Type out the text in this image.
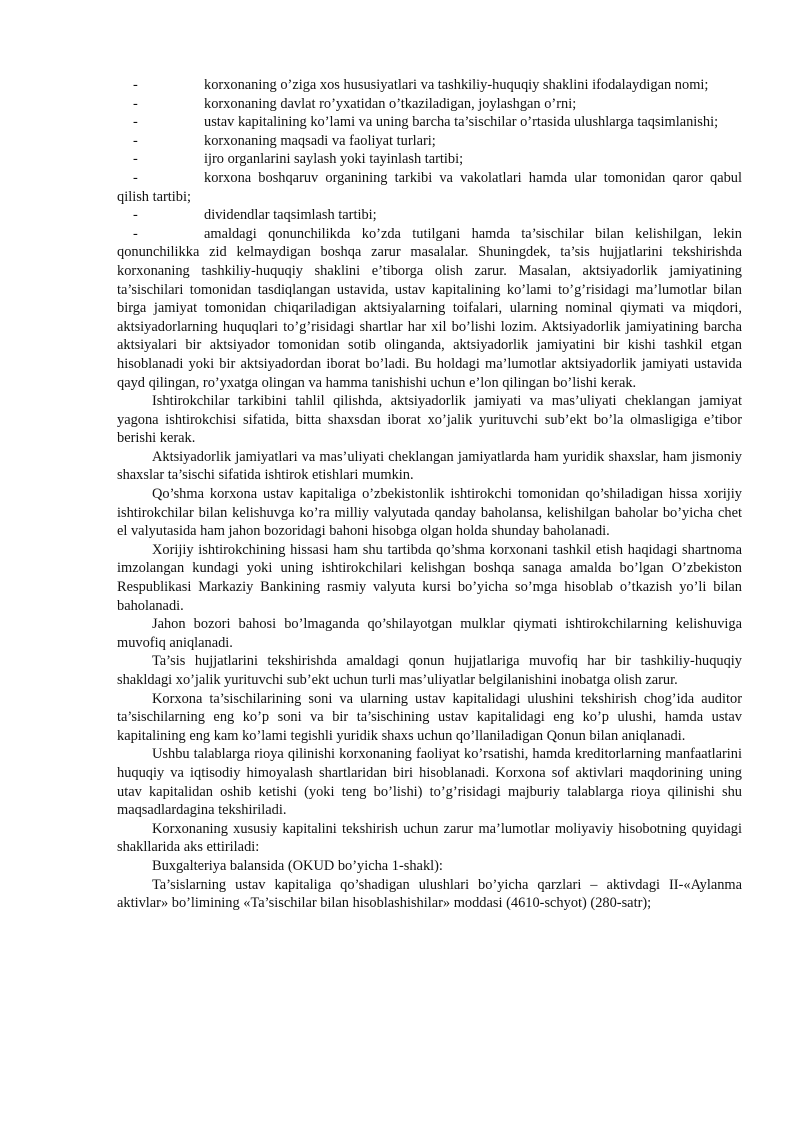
-	korxonaning o’ziga xos hususiyatlari va tashkiliy-huquqiy shaklini ifodalaydigan nomi;

-	korxonaning davlat ro’yxatidan o’tkaziladigan, joylashgan o’rni;

-	ustav kapitalining ko’lami va uning barcha ta’sischilar o’rtasida ulushlarga taqsimlanishi;

-	korxonaning maqsadi va faoliyat turlari;

-	ijro organlarini saylash yoki tayinlash tartibi;

-	korxona boshqaruv organining tarkibi va vakolatlari hamda ular tomonidan qaror qabul qilish tartibi;

-	dividendlar taqsimlash tartibi;

-	amaldagi qonunchilikda ko’zda tutilgani hamda ta’sischilar bilan kelishilgan, lekin qonunchilikka zid kelmaydigan boshqa zarur masalalar. Shuningdek, ta’sis hujjatlarini tekshirishda korxonaning tashkiliy-huquqiy shaklini e’tiborga olish zarur. Masalan, aktsiyadorlik jamiyatining ta’sischilari tomonidan tasdiqlangan ustavida, ustav kapitalining ko’lami to’g’risidagi ma’lumotlar bilan birga jamiyat tomonidan chiqariladigan aktsiyalarning toifalari, ularning nominal qiymati va miqdori, aktsiyadorlarning huquqlari to’g’risidagi shartlar har xil bo’lishi lozim. Aktsiyadorlik jamiyatining barcha aktsiyalari bir aktsiyador tomonidan sotib olinganda, aktsiyadorlik jamiyatini bir kishi tashkil etgan hisoblanadi yoki bir aktsiyadordan iborat bo’ladi. Bu holdagi ma’lumotlar aktsiyadorlik jamiyati ustavida qayd qilingan, ro’yxatga olingan va hamma tanishishi uchun e’lon qilingan bo’lishi kerak.

Ishtirokchilar tarkibini tahlil qilishda, aktsiyadorlik jamiyati va mas’uliyati cheklangan jamiyat yagona ishtirokchisi sifatida, bitta shaxsdan iborat xo’jalik yurituvchi sub’ekt bo’la olmasligiga e’tibor berishi kerak.

Aktsiyadorlik jamiyatlari va mas’uliyati cheklangan jamiyatlarda ham yuridik shaxslar, ham jismoniy shaxslar ta’sischi sifatida ishtirok etishlari mumkin.

Qo’shma korxona ustav kapitaliga o’zbekistonlik ishtirokchi tomonidan qo’shiladigan hissa xorijiy ishtirokchilar bilan kelishuvga ko’ra milliy valyutada qanday baholansa, kelishilgan baholar bo’yicha chet el valyutasida ham jahon bozoridagi bahoni hisobga olgan holda shunday baholanadi.

Xorijiy ishtirokchining hissasi ham shu tartibda qo’shma korxonani tashkil etish haqidagi shartnoma imzolangan kundagi yoki uning ishtirokchilari kelishgan boshqa sanaga amalda bo’lgan O’zbekiston Respublikasi Markaziy Bankining rasmiy valyuta kursi bo’yicha so’mga hisoblab o’tkazish yo’li bilan baholanadi.

Jahon bozori bahosi bo’lmaganda qo’shilayotgan mulklar qiymati ishtirokchilarning kelishuviga muvofiq aniqlanadi.

Ta’sis hujjatlarini tekshirishda amaldagi qonun hujjatlariga muvofiq har bir tashkiliy-huquqiy shakldagi xo’jalik yurituvchi sub’ekt uchun turli mas’uliyatlar belgilanishini inobatga olish zarur.

Korxona ta’sischilarining soni va ularning ustav kapitalidagi ulushini tekshirish chog’ida auditor ta’sischilarning eng ko’p soni va bir ta’sischining ustav kapitalidagi eng ko’p ulushi, hamda ustav kapitalining eng kam ko’lami tegishli yuridik shaxs uchun qo’llaniladigan Qonun bilan aniqlanadi.

Ushbu talablarga rioya qilinishi korxonaning faoliyat ko’rsatishi, hamda kreditorlarning manfaatlarini huquqiy va iqtisodiy himoyalash shartlaridan biri hisoblanadi. Korxona sof aktivlari maqdorining uning utav kapitalidan oshib ketishi (yoki teng bo’lishi) to’g’risidagi majburiy talablarga rioya qilinishi shu maqsadlardagina tekshiriladi.

Korxonaning xususiy kapitalini tekshirish uchun zarur ma’lumotlar moliyaviy hisobotning quyidagi shakllarida aks ettiriladi:

Buxgalteriya balansida (OKUD bo’yicha 1-shakl):

Ta’sislarning ustav kapitaliga qo’shadigan ulushlari bo’yicha qarzlari – aktivdagi II-«Aylanma aktivlar» bo’limining «Ta’sischilar bilan hisoblashishilar» moddasi (4610-schyot) (280-satr);
